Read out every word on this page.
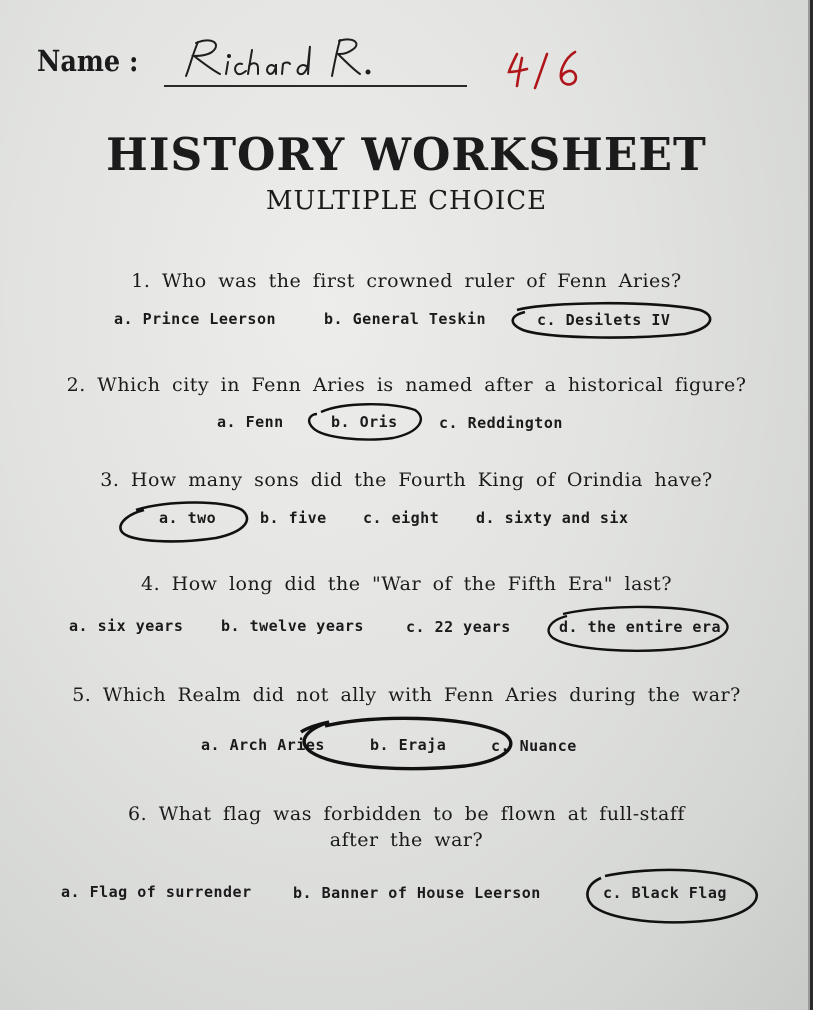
Name :
HISTORY WORKSHEET
MULTIPLE CHOICE
1. Who was the first crowned ruler of Fenn Aries?
a. Prince Leerson	b. General Teskin	c. Desilets IV
2. Which city in Fenn Aries is named after a historical figure?
a. Fenn	b. Oris	c. Reddington
3. How many sons did the Fourth King of Orindia have?
a. two	b. five c. eight d. sixty and six
4. How long did the "War of the Fifth Era" last?
a. six years	b. twelve years	c. 22 years	d. the entire era
5. Which Realm did not ally with Fenn Aries during the war?
a. Arch Aries	b. Eraja	c. Nuance
6. What flag was forbidden to be flown at full-staff
after the war?
a. Flag of surrender	b. Banner of House Leerson	c. Black Flag
